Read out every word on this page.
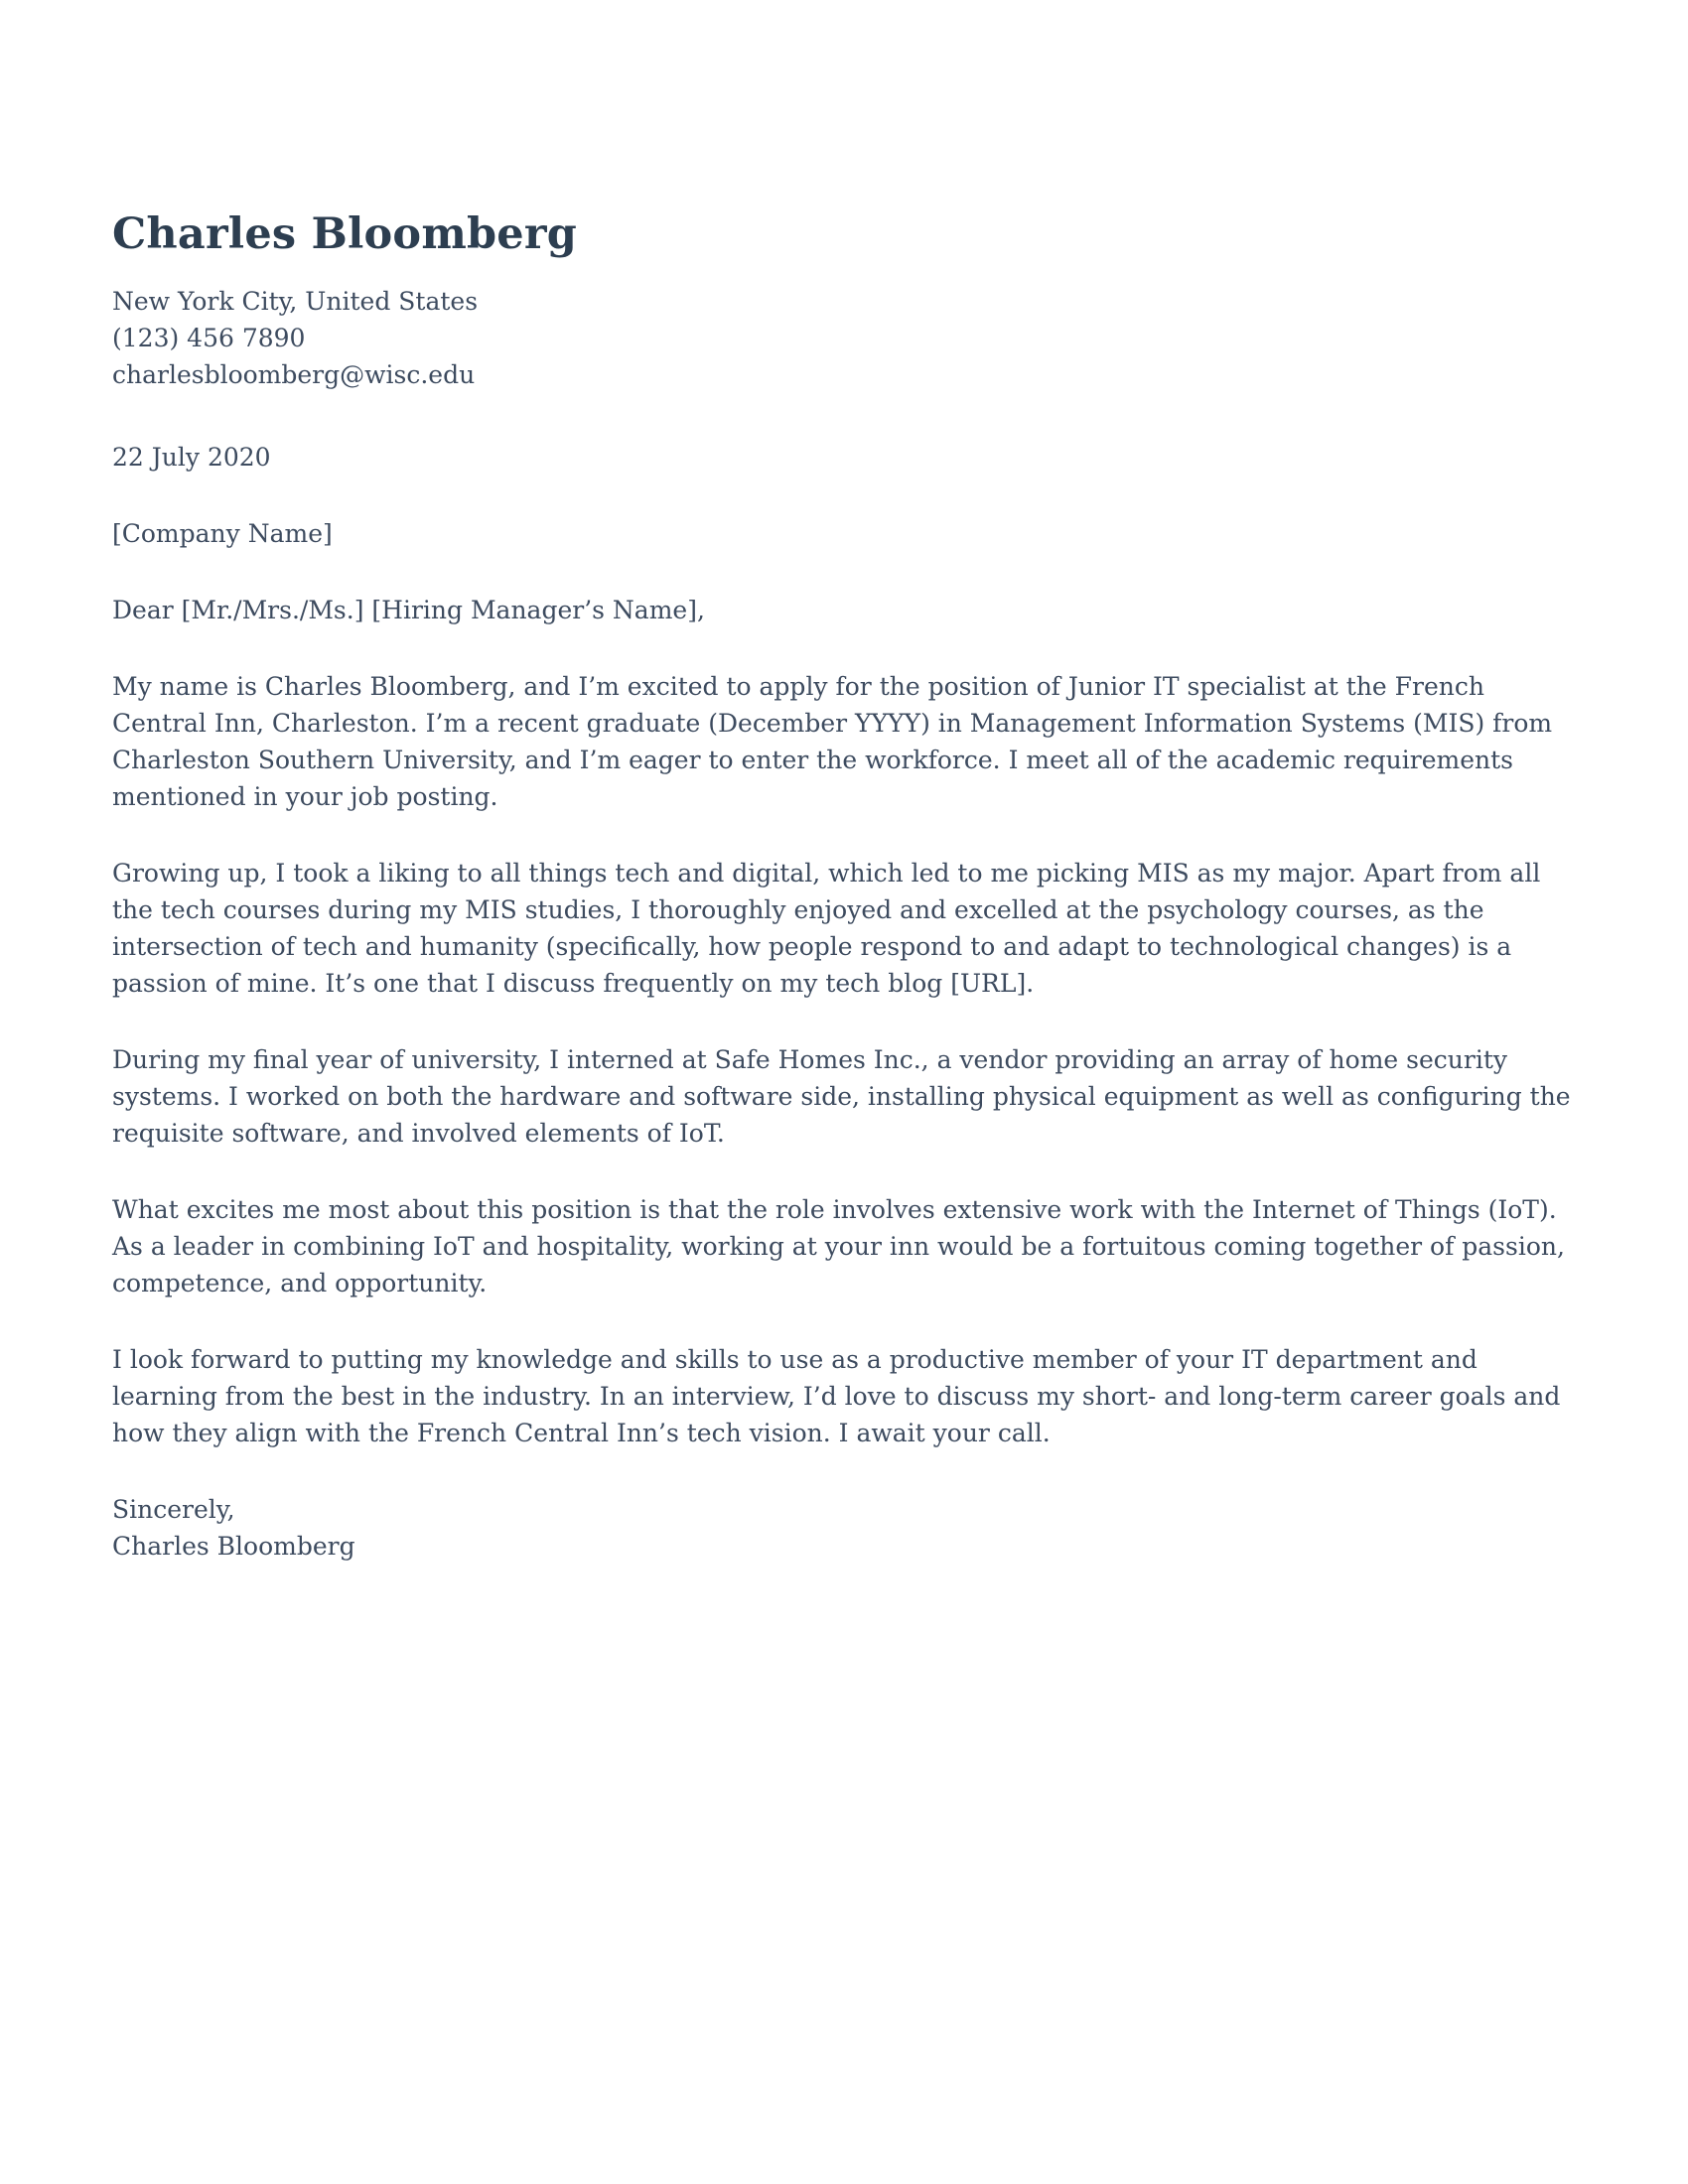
Charles Bloomberg

New York City, United States

(123) 456 7890

charlesbloomberg@wisc.edu

22 July 2020

[Company Name]

Dear [Mr./Mrs./Ms.] [Hiring Manager’s Name],

My name is Charles Bloomberg, and I’m excited to apply for the position of Junior IT specialist at the French Central Inn, Charleston. I’m a recent graduate (December YYYY) in Management Information Systems (MIS) from Charleston Southern University, and I’m eager to enter the workforce. I meet all of the academic requirements mentioned in your job posting.

Growing up, I took a liking to all things tech and digital, which led to me picking MIS as my major. Apart from all the tech courses during my MIS studies, I thoroughly enjoyed and excelled at the psychology courses, as the intersection of tech and humanity (specifically, how people respond to and adapt to technological changes) is a passion of mine. It’s one that I discuss frequently on my tech blog [URL].

During my final year of university, I interned at Safe Homes Inc., a vendor providing an array of home security systems. I worked on both the hardware and software side, installing physical equipment as well as configuring the requisite software, and involved elements of IoT.

What excites me most about this position is that the role involves extensive work with the Internet of Things (IoT). As a leader in combining IoT and hospitality, working at your inn would be a fortuitous coming together of passion, competence, and opportunity.

I look forward to putting my knowledge and skills to use as a productive member of your IT department and learning from the best in the industry. In an interview, I’d love to discuss my short- and long-term career goals and how they align with the French Central Inn’s tech vision. I await your call.

Sincerely,
Charles Bloomberg
